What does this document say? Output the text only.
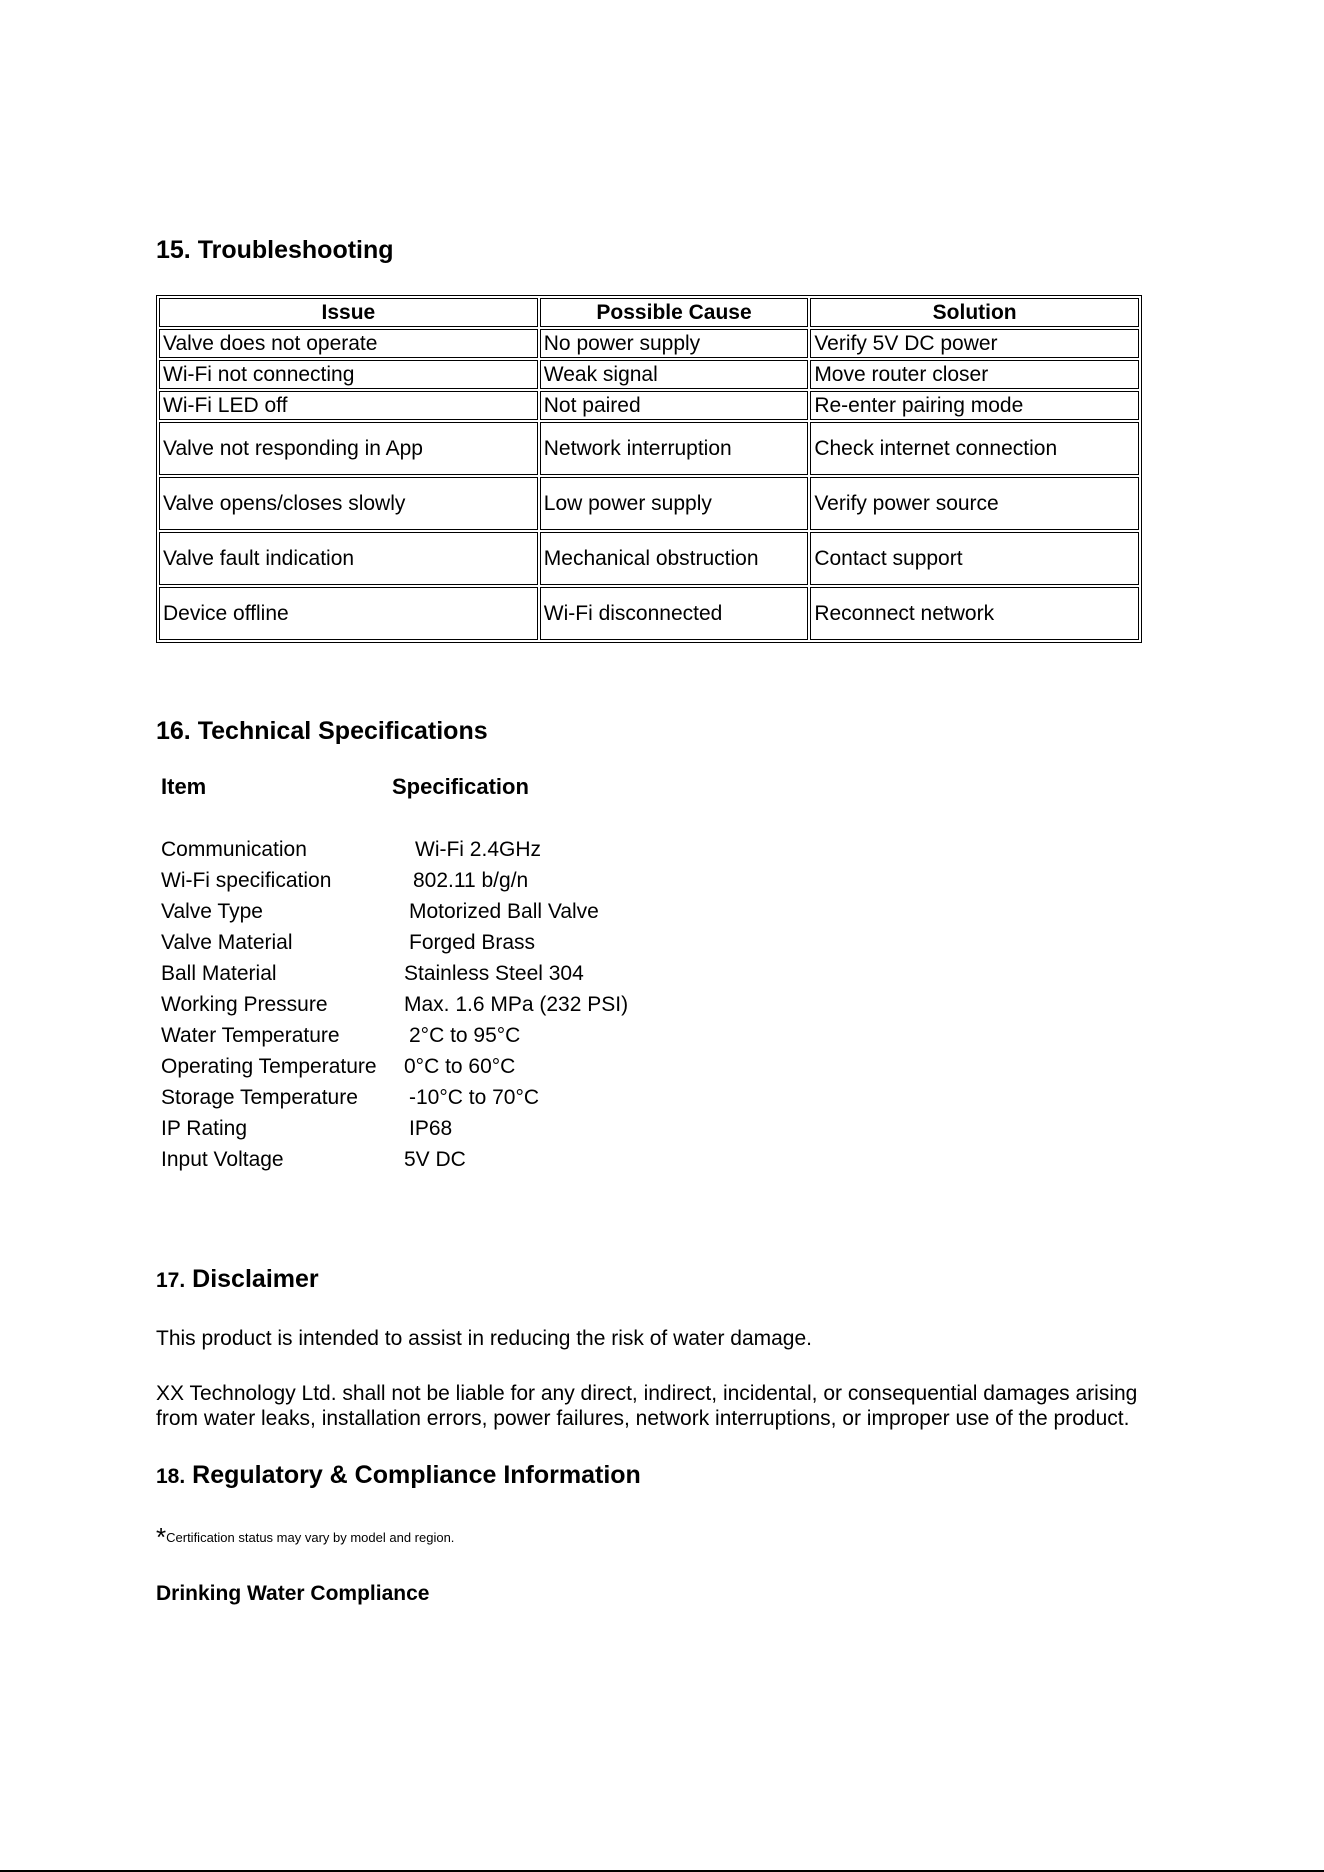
15. Troubleshooting
Issue	Possible Cause	Solution
Valve does not operate	No power supply	Verify 5V DC power
Wi-Fi not connecting	Weak signal	Move router closer
Wi-Fi LED off	Not paired	Re-enter pairing mode
Valve not responding in App	Network interruption	Check internet connection
Valve opens/closes slowly	Low power supply	Verify power source
Valve fault indication	Mechanical obstruction	Contact support
Device offline	Wi-Fi disconnected	Reconnect network
16. Technical Specifications
Item	Specification
Communication	Wi-Fi 2.4GHz
Wi-Fi specification	802.11 b/g/n
Valve Type	Motorized Ball Valve
Valve Material	Forged Brass
Ball Material	Stainless Steel 304
Working Pressure	Max. 1.6 MPa (232 PSI)
Water Temperature	2°C to 95°C
Operating Temperature 0°C to 60°C
Storage Temperature -10°C to 70°C
IP Rating	IP68
Input Voltage	5V DC
17. Disclaimer

This product is intended to assist in reducing the risk of water damage.

XX Technology Ltd. shall not be liable for any direct, indirect, incidental, or consequential damages arising from water leaks, installation errors, power failures, network interruptions, or improper use of the product.

18. Regulatory & Compliance Information
*Certification status may vary by model and region.
Drinking Water Compliance
